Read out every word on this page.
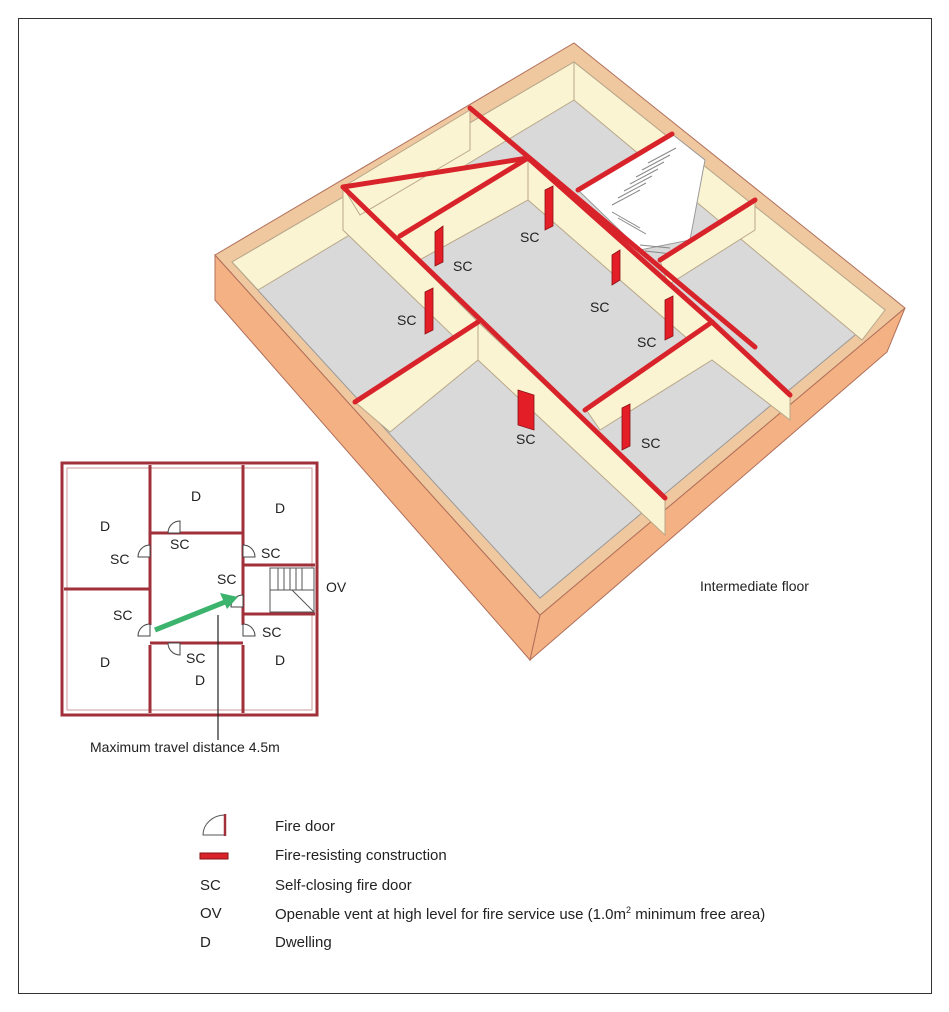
SC
SC
SC
SC
SC
SC	SC
Intermediate floor
D
D
D
D	D
D
SC
SC
SC
SC
SC
SC
SC
OV
Maximum travel distance 4.5m
Fire door
Fire-resisting construction
SC	Self-closing fire door
OV	Openable vent at high level for fire service use ($1.0m^2$ minimum free area)
D	Dwelling
